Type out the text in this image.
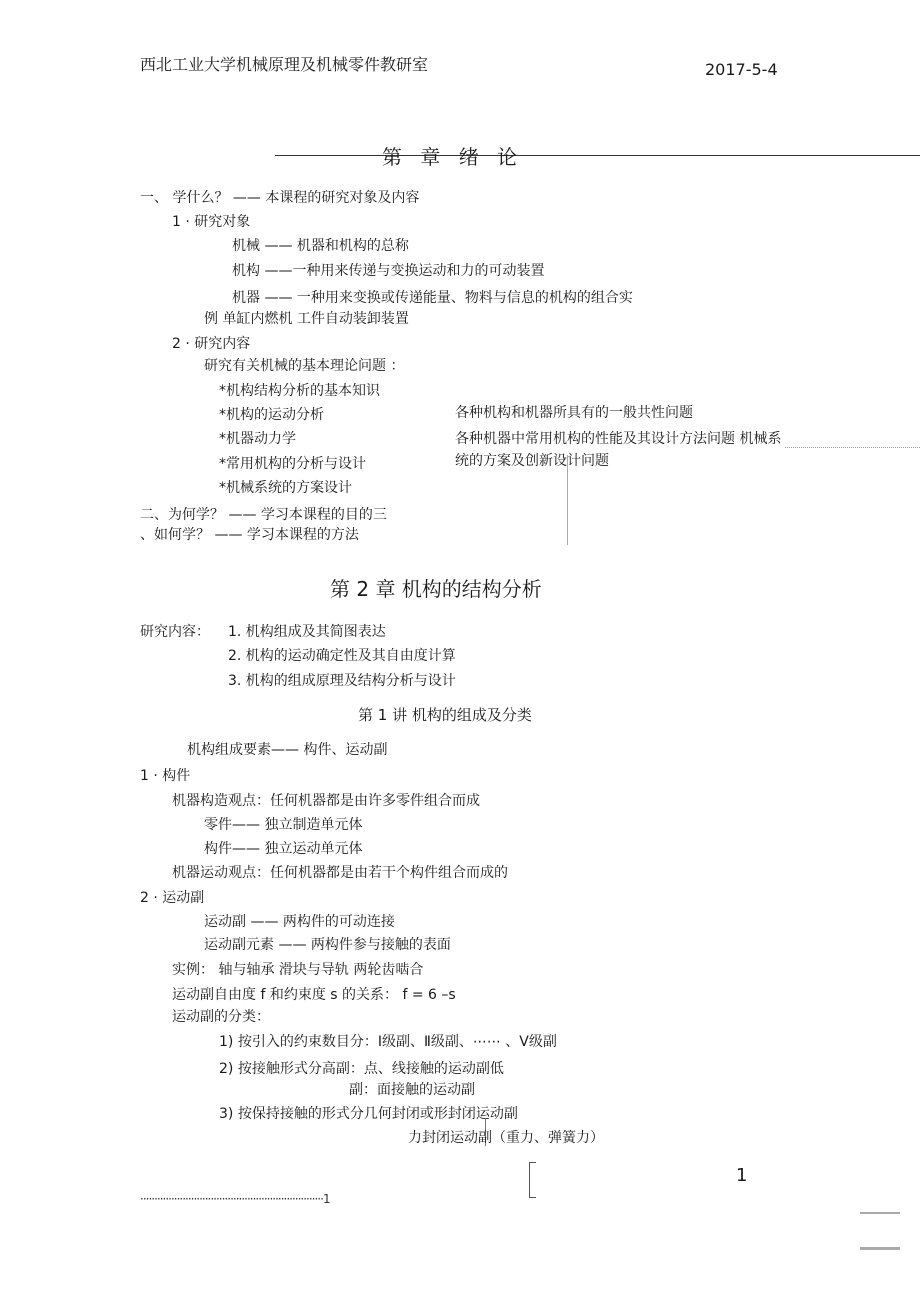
西北工业大学机械原理及机械零件教研室	2017-5-4
第 章 绪 论
一、 学什么？ —— 本课程的研究对象及内容
1 · 研究对象
机械 —— 机器和机构的总称
机构 ——一种用来传递与变换运动和力的可动装置
机器 —— 一种用来变换或传递能量、物料与信息的机构的组合实
例 单缸内燃机 工件自动装卸装置
2 · 研究内容
研究有关机械的基本理论问题 ：
*机构结构分析的基本知识
*机构的运动分析
*机器动力学
*常用机构的分析与设计
*机械系统的方案设计
各种机构和机器所具有的一般共性问题
各种机器中常用机构的性能及其设计方法问题 机械系
统的方案及创新设计问题
二、为何学？ —— 学习本课程的目的三
、如何学？ —— 学习本课程的方法
第 2 章 机构的结构分析
研究内容： 1. 机构组成及其简图表达
2. 机构的运动确定性及其自由度计算
3. 机构的组成原理及结构分析与设计
第 1 讲 机构的组成及分类
机构组成要素—— 构件、运动副
1 · 构件
机器构造观点：任何机器都是由许多零件组合而成
零件—— 独立制造单元体
构件—— 独立运动单元体
机器运动观点：任何机器都是由若干个构件组合而成的
2 · 运动副
运动副 —— 两构件的可动连接
运动副元素 —— 两构件参与接触的表面
实例： 轴与轴承 滑块与导轨 两轮齿啮合
运动副自由度 f 和约束度 s 的关系： f = 6 –s
运动副的分类：
1) 按引入的约束数目分：Ⅰ级副、Ⅱ级副、⋯⋯ 、Ⅴ级副
2) 按接触形式分高副：点、线接触的运动副低
副：面接触的运动副
3) 按保持接触的形式分几何封闭或形封闭运动副
力封闭运动副（重力、弹簧力）
1
·································································1
